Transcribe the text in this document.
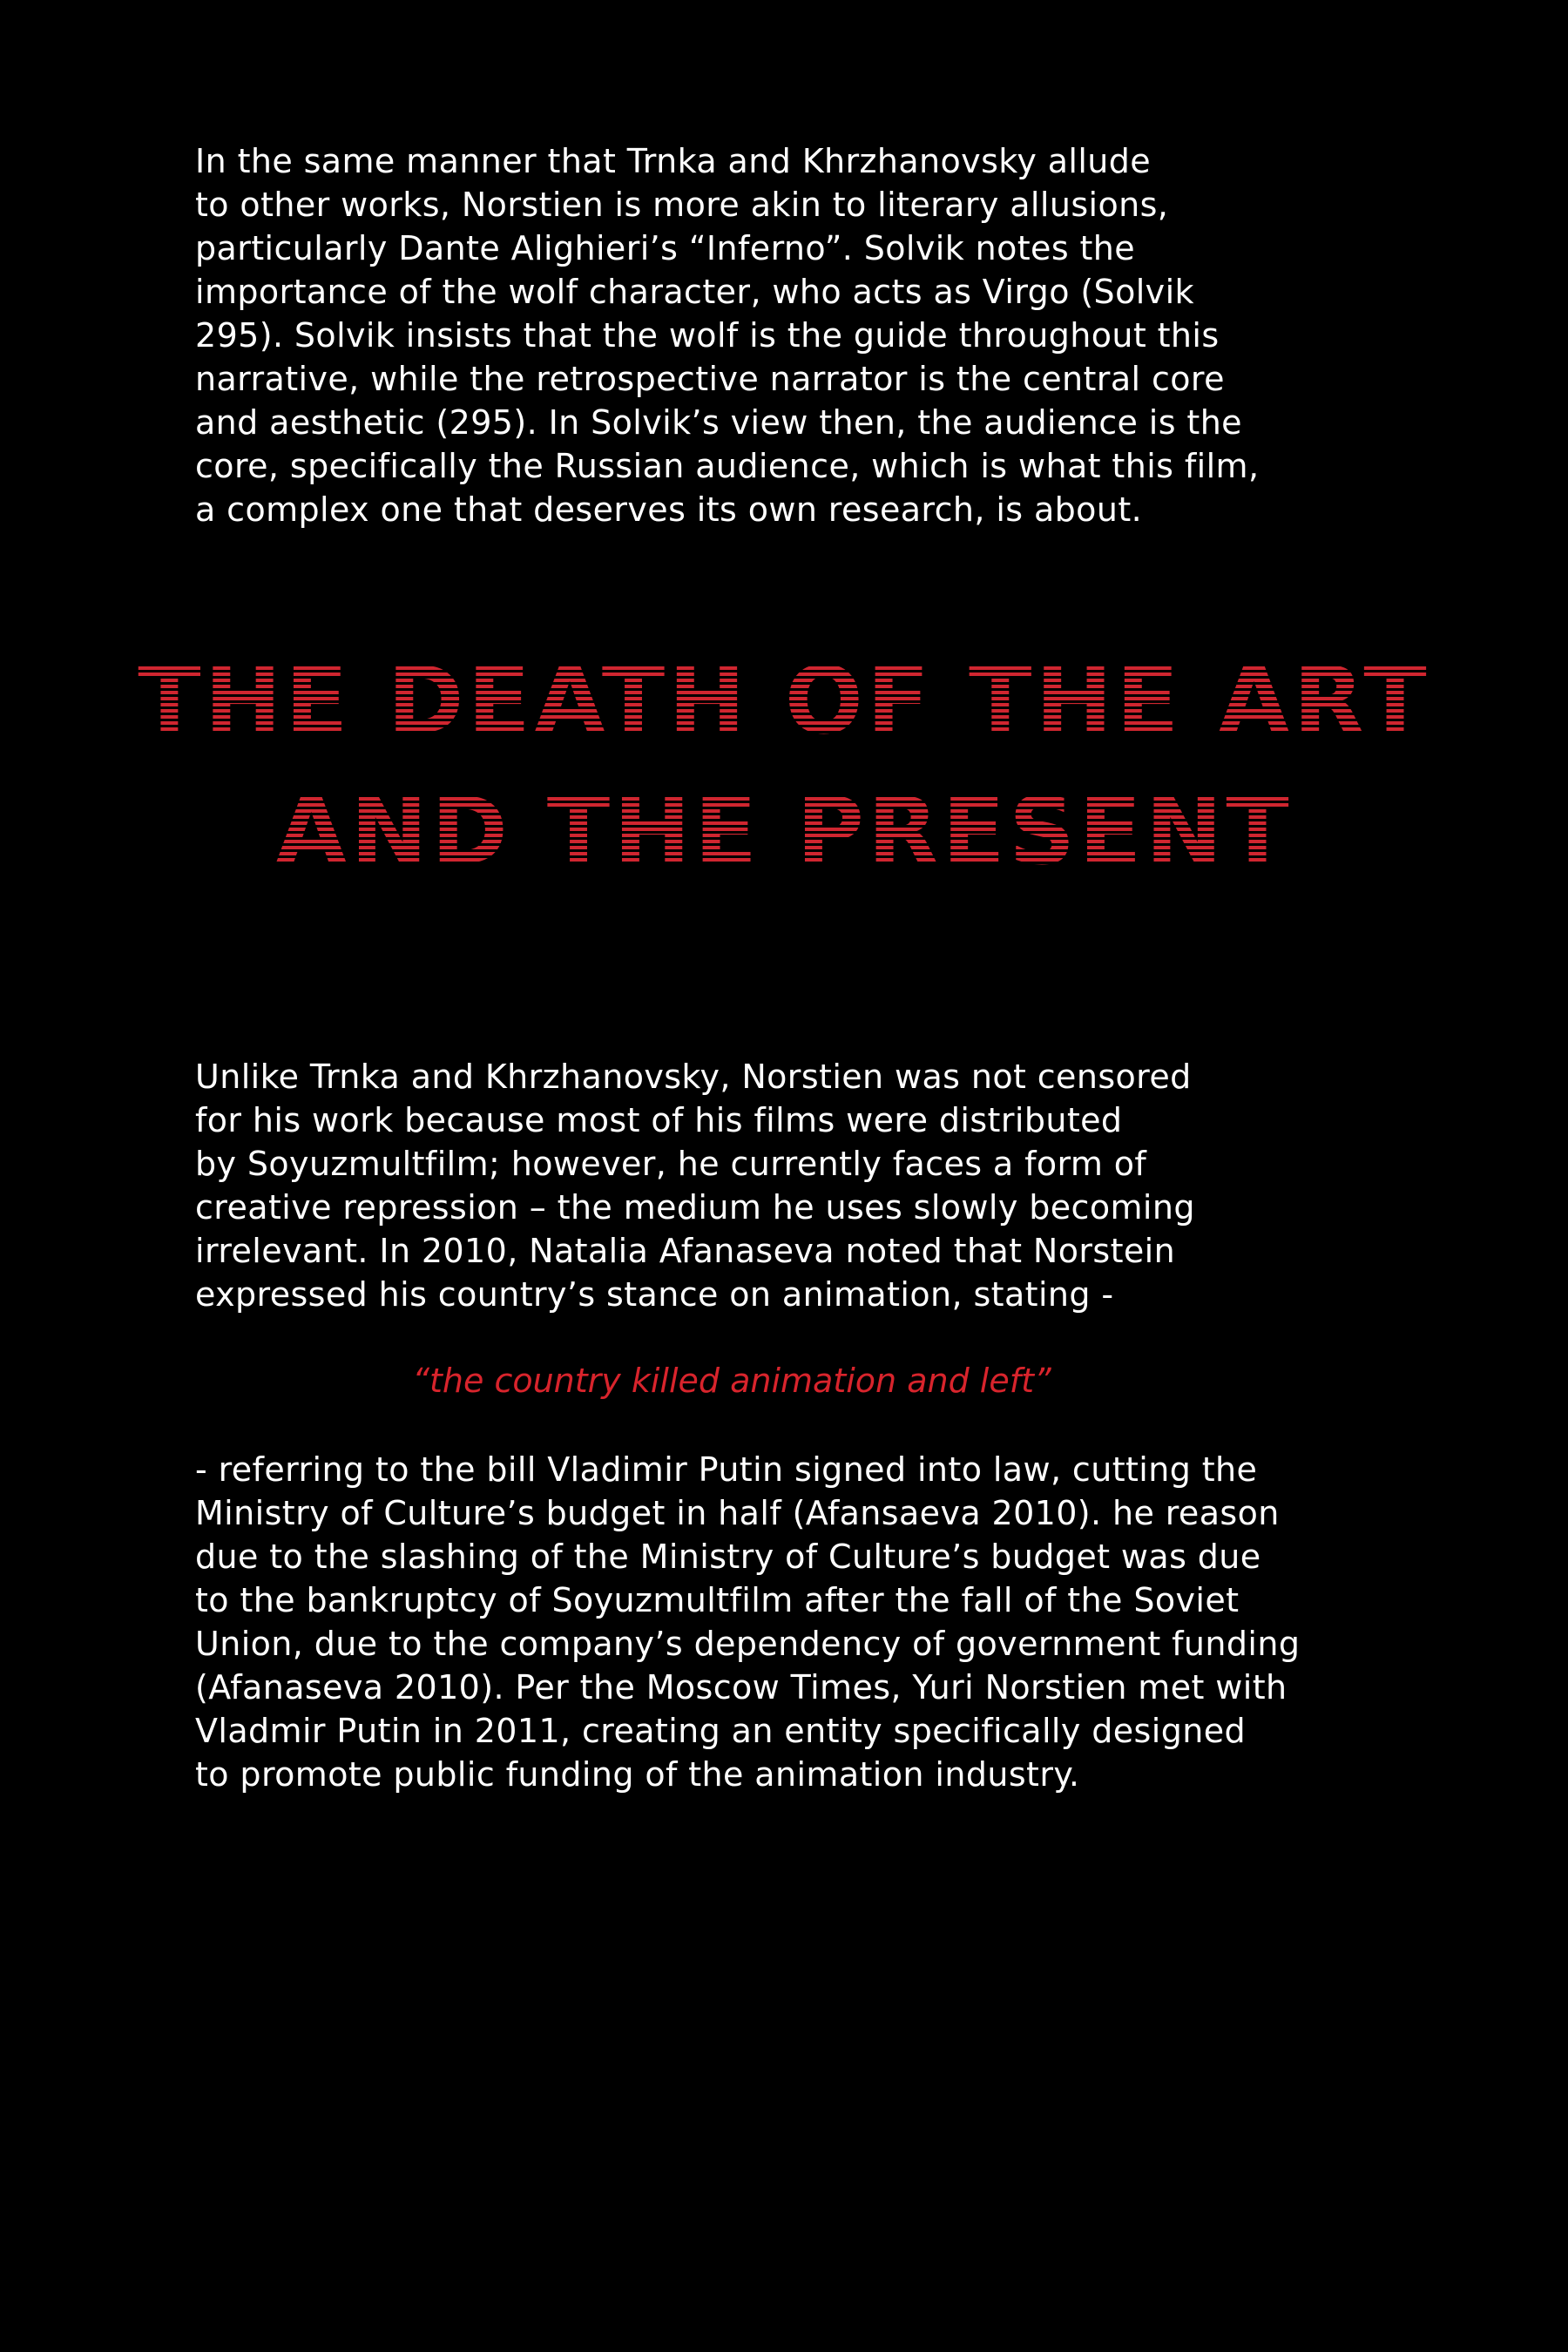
In the same manner that Trnka and Khrzhanovsky allude
to other works, Norstien is more akin to literary allusions,
particularly Dante Alighieri’s “Inferno”. Solvik notes the
importance of the wolf character, who acts as Virgo (Solvik
295). Solvik insists that the wolf is the guide throughout this
narrative, while the retrospective narrator is the central core
and aesthetic (295). In Solvik’s view then, the audience is the
core, specifically the Russian audience, which is what this film,
a complex one that deserves its own research, is about.

THE DEATH OF THE ART
AND THE PRESENT

Unlike Trnka and Khrzhanovsky, Norstien was not censored
for his work because most of his films were distributed
by Soyuzmultfilm; however, he currently faces a form of
creative repression – the medium he uses slowly becoming
irrelevant. In 2010, Natalia Afanaseva noted that Norstein
expressed his country’s stance on animation, stating -

“the country killed animation and left”

- referring to the bill Vladimir Putin signed into law, cutting the
Ministry of Culture’s budget in half (Afansaeva 2010). he reason
due to the slashing of the Ministry of Culture’s budget was due
to the bankruptcy of Soyuzmultfilm after the fall of the Soviet
Union, due to the company’s dependency of government funding
(Afanaseva 2010). Per the Moscow Times, Yuri Norstien met with
Vladmir Putin in 2011, creating an entity specifically designed
to promote public funding of the animation industry.
